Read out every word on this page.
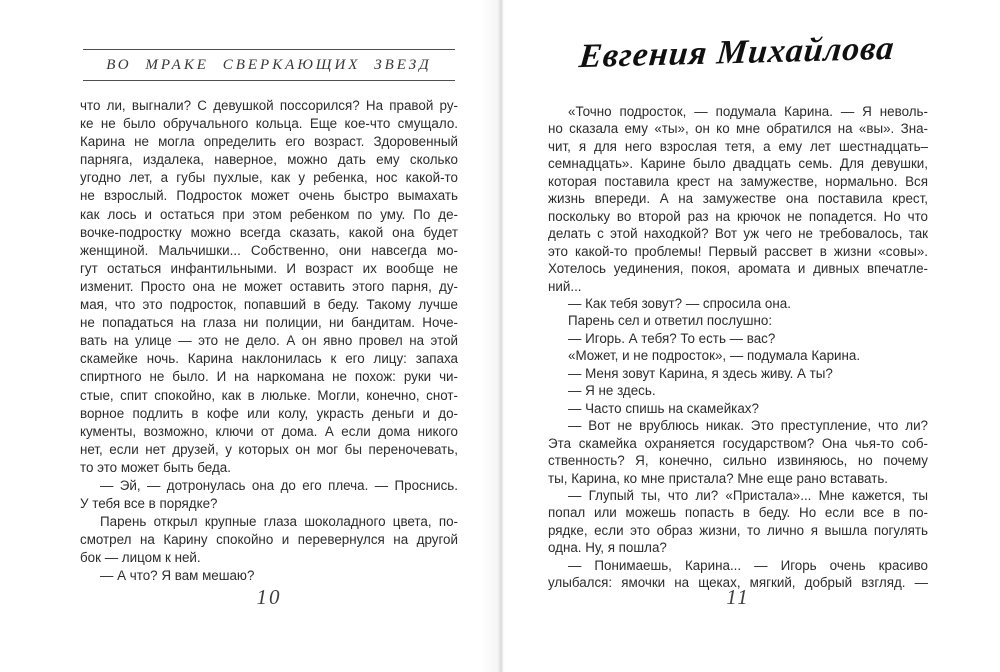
ВО МРАКЕ СВЕРКАЮЩИХ ЗВЕЗД
что ли, выгнали? С девушкой поссорился? На правой ру-
ке не было обручального кольца. Еще кое-что смущало.
Карина не могла определить его возраст. Здоровенный
парняга, издалека, наверное, можно дать ему сколько
угодно лет, а губы пухлые, как у ребенка, нос какой-то
не взрослый. Подросток может очень быстро вымахать
как лось и остаться при этом ребенком по уму. По де-
вочке-подростку можно всегда сказать, какой она будет
женщиной. Мальчишки... Собственно, они навсегда мо-
гут остаться инфантильными. И возраст их вообще не
изменит. Просто она не может оставить этого парня, ду-
мая, что это подросток, попавший в беду. Такому лучше
не попадаться на глаза ни полиции, ни бандитам. Ноче-
вать на улице — это не дело. А он явно провел на этой
скамейке ночь. Карина наклонилась к его лицу: запаха
спиртного не было. И на наркомана не похож: руки чи-
стые, спит спокойно, как в люльке. Могли, конечно, снот-
ворное подлить в кофе или колу, украсть деньги и до-
кументы, возможно, ключи от дома. А если дома никого
нет, если нет друзей, у которых он мог бы переночевать,
то это может быть беда.
— Эй, — дотронулась она до его плеча. — Проснись.
У тебя все в порядке?
Парень открыл крупные глаза шоколадного цвета, по-
смотрел на Карину спокойно и перевернулся на другой
бок — лицом к ней.
— А что? Я вам мешаю?
10
Евгения Михайлова
«Точно подросток, — подумала Карина. — Я неволь-
но сказала ему «ты», он ко мне обратился на «вы». Зна-
чит, я для него взрослая тетя, а ему лет шестнадцать–
семнадцать». Карине было двадцать семь. Для девушки,
которая поставила крест на замужестве, нормально. Вся
жизнь впереди. А на замужестве она поставила крест,
поскольку во второй раз на крючок не попадется. Но что
делать с этой находкой? Вот уж чего не требовалось, так
это какой-то проблемы! Первый рассвет в жизни «совы».
Хотелось уединения, покоя, аромата и дивных впечатле-
ний...
— Как тебя зовут? — спросила она.
Парень сел и ответил послушно:
— Игорь. А тебя? То есть — вас?
«Может, и не подросток», — подумала Карина.
— Меня зовут Карина, я здесь живу. А ты?
— Я не здесь.
— Часто спишь на скамейках?
— Вот не врублюсь никак. Это преступление, что ли?
Эта скамейка охраняется государством? Она чья-то соб-
ственность? Я, конечно, сильно извиняюсь, но почему
ты, Карина, ко мне пристала? Мне еще рано вставать.
— Глупый ты, что ли? «Пристала»... Мне кажется, ты
попал или можешь попасть в беду. Но если все в по-
рядке, если это образ жизни, то лично я вышла погулять
одна. Ну, я пошла?
— Понимаешь, Карина... — Игорь очень красиво
улыбался: ямочки на щеках, мягкий, добрый взгляд. —
11
